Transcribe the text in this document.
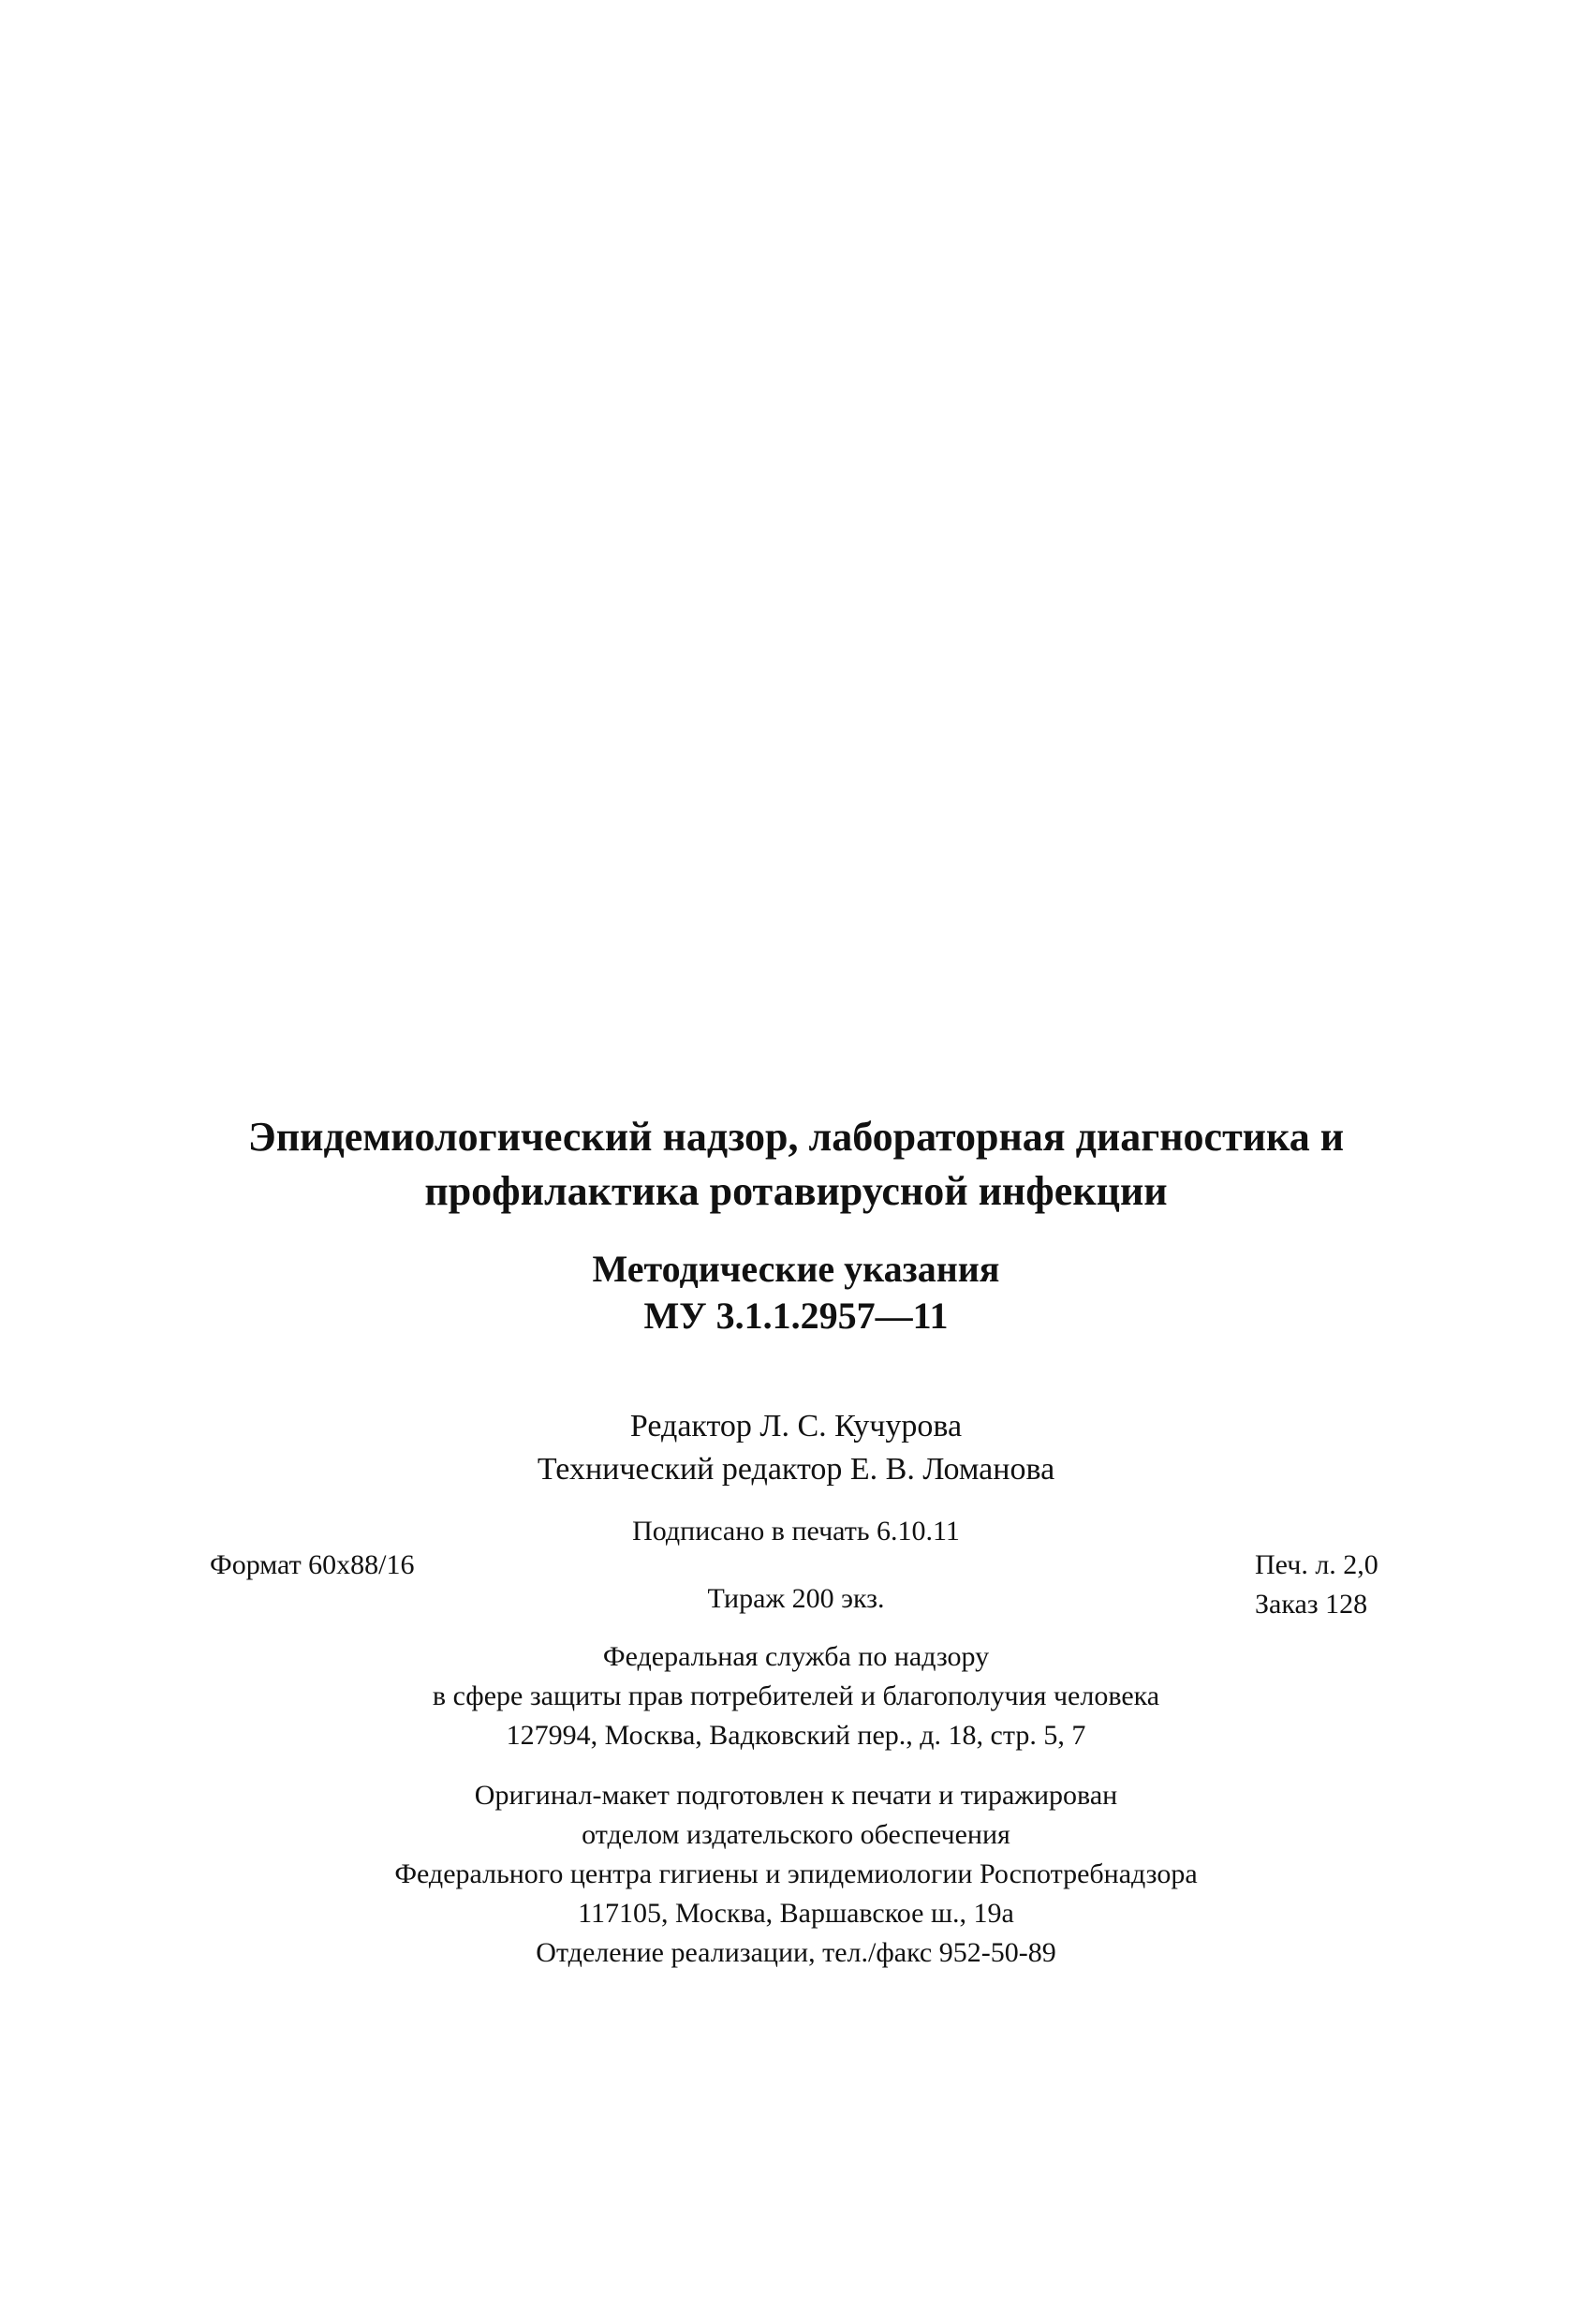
Эпидемиологический надзор, лабораторная диагностика и
профилактика ротавирусной инфекции
Методические указания
МУ 3.1.1.2957—11
Редактор Л. С. Кучурова
Технический редактор Е. В. Ломанова
Подписано в печать 6.10.11
Формат 60x88/16	Печ. л. 2,0
Заказ 128
Тираж 200 экз.
Федеральная служба по надзору
в сфере защиты прав потребителей и благополучия человека
127994, Москва, Вадковский пер., д. 18, стр. 5, 7
Оригинал-макет подготовлен к печати и тиражирован
отделом издательского обеспечения
Федерального центра гигиены и эпидемиологии Роспотребнадзора
117105, Москва, Варшавское ш., 19а
Отделение реализации, тел./факс 952-50-89
